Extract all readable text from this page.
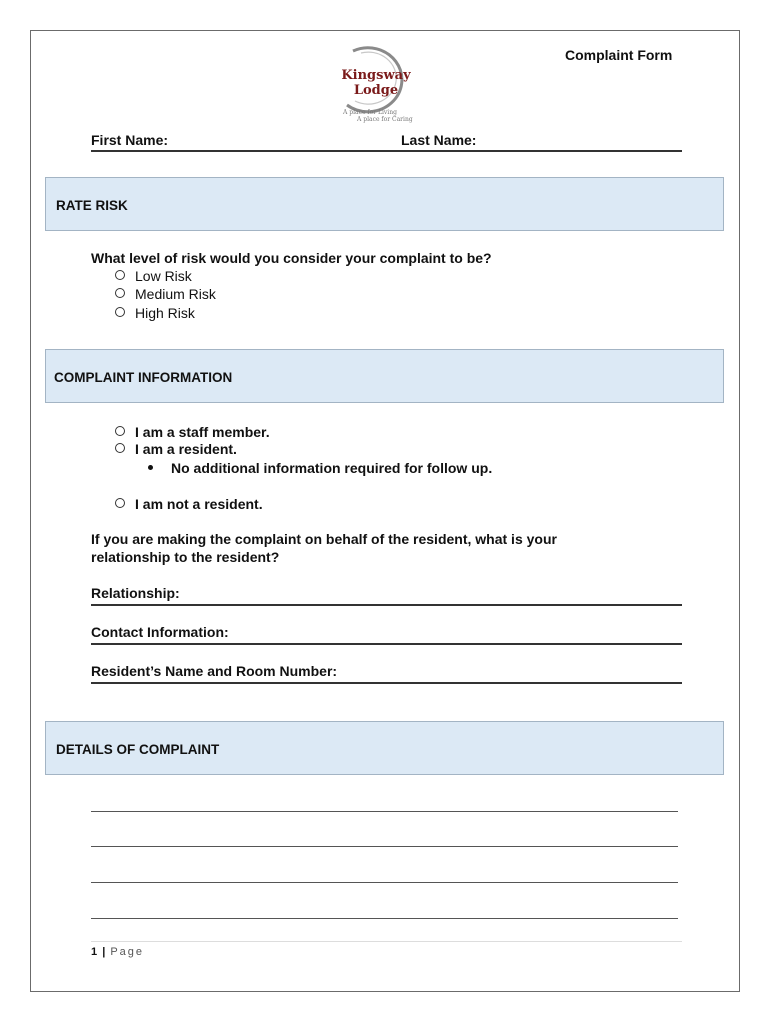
Kingsway
Lodge
A place for Living
A place for Caring
Complaint Form
First Name:	Last Name:
RATE RISK
What level of risk would you consider your complaint to be?
Low Risk
Medium Risk
High Risk
COMPLAINT INFORMATION
I am a staff member.
I am a resident.
No additional information required for follow up.
I am not a resident.
If you are making the complaint on behalf of the resident, what is your
relationship to the resident?
Relationship:
Contact Information:
Resident’s Name and Room Number:
DETAILS OF COMPLAINT
1 | Page
